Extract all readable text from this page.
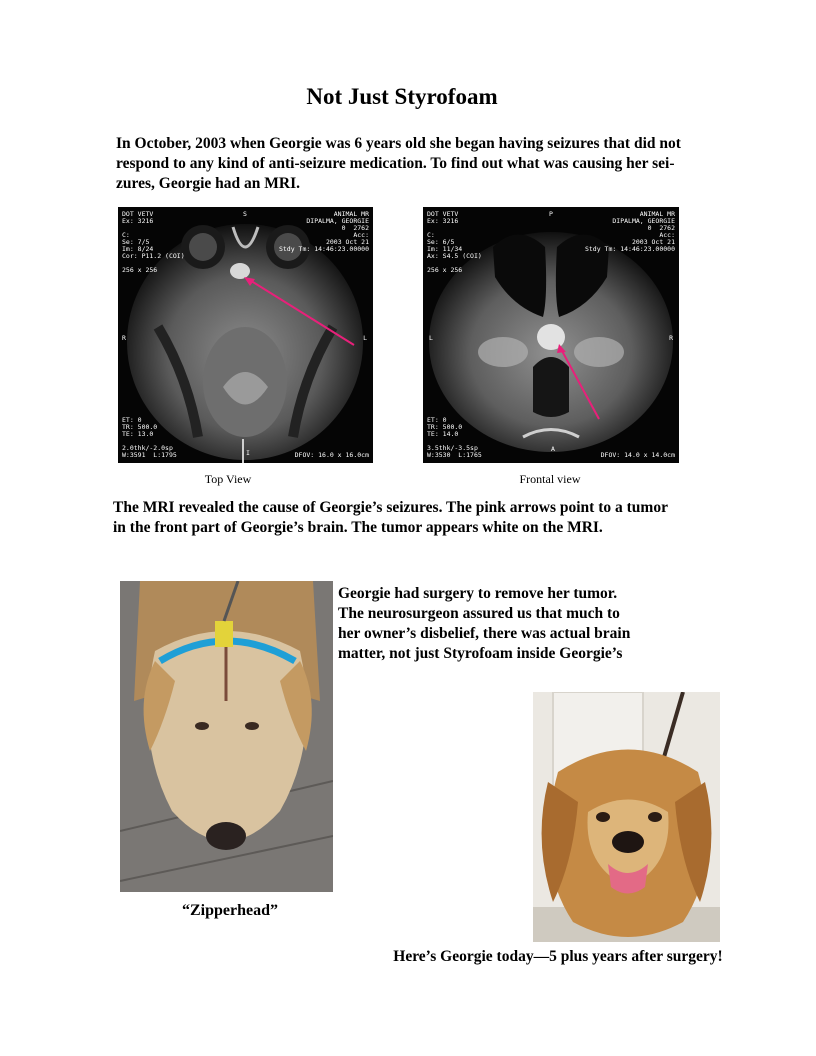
Not Just Styrofoam
In October, 2003 when Georgie was 6 years old she began having seizures that did not
respond to any kind of anti-seizure medication. To find out what was causing her sei-
zures, Georgie had an MRI.
DOT VETV
Ex: 3216

C:
Se: 7/5
Im: 8/24
Cor: P11.2 (COI)

256 x 256
ANIMAL MR
DIPALMA, GEORGIE
0  2762
Acc:
2003 Oct 21
Stdy Tm: 14:46:23.00000
ET: 0
TR: 500.0
TE: 13.0

2.0thk/-2.0sp
W:3591  L:1795	DFOV: 16.0 x 16.0cm
S
R	L
I
Top View
DOT VETV
Ex: 3216

C:
Se: 6/5
Im: 11/34
Ax: S4.5 (COI)

256 x 256
ANIMAL MR
DIPALMA, GEORGIE
0  2762
Acc:
2003 Oct 21
Stdy Tm: 14:46:23.00000
ET: 0
TR: 500.0
TE: 14.0

3.5thk/-3.5sp
W:3530  L:1765	DFOV: 14.0 x 14.0cm
P
L	R
A
Frontal view
The MRI revealed the cause of Georgie’s seizures. The pink arrows point to a tumor
in the front part of Georgie’s brain. The tumor appears white on the MRI.
“Zipperhead”
Georgie had surgery to remove her tumor.
The neurosurgeon assured us that much to
her owner’s disbelief, there was actual brain
matter, not just Styrofoam inside Georgie’s
Here’s Georgie today—5 plus years after surgery!
